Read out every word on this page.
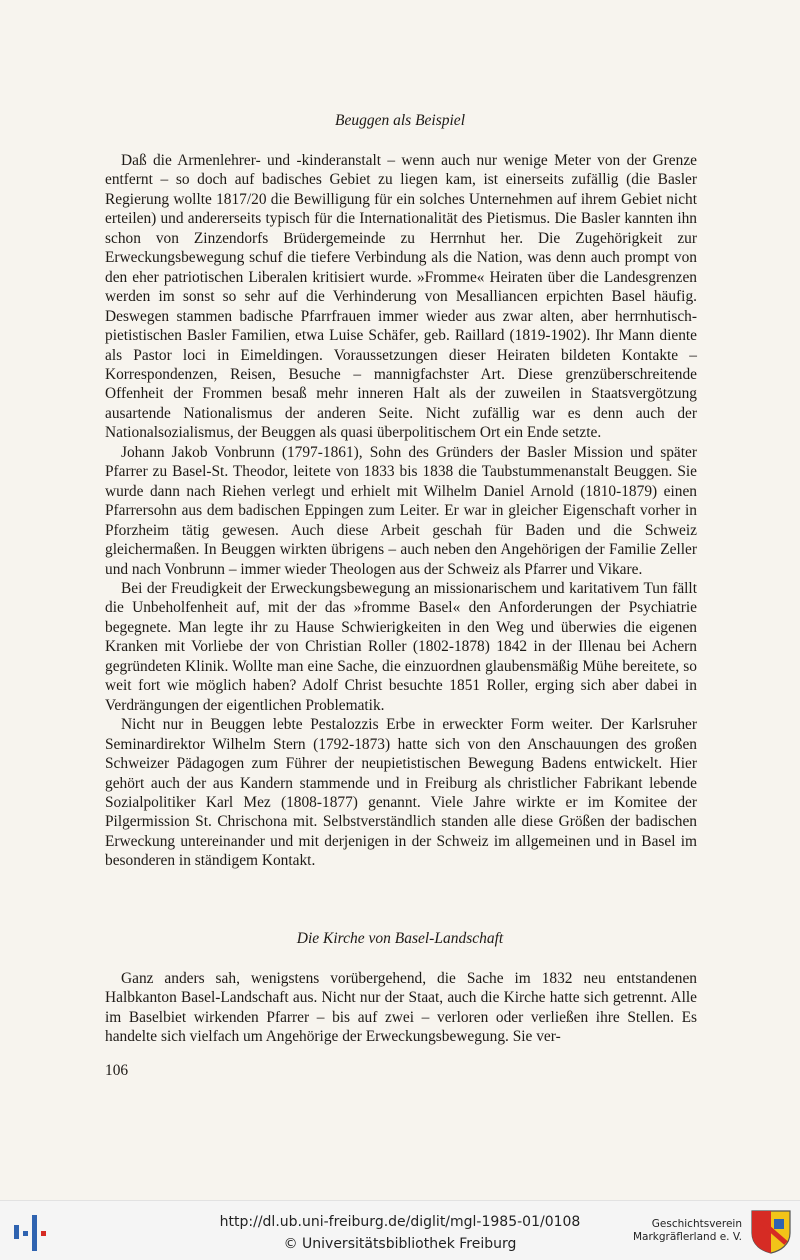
Beuggen als Beispiel

Daß die Armenlehrer- und -kinderanstalt – wenn auch nur wenige Meter von der Grenze entfernt – so doch auf badisches Gebiet zu liegen kam, ist einerseits zufällig (die Basler Regierung wollte 1817/20 die Bewilligung für ein solches Unternehmen auf ihrem Gebiet nicht erteilen) und andererseits typisch für die Internationalität des Pietismus. Die Basler kannten ihn schon von Zinzendorfs Brüdergemeinde zu Herrnhut her. Die Zugehörigkeit zur Erweckungsbewegung schuf die tiefere Verbindung als die Nation, was denn auch prompt von den eher patriotischen Liberalen kritisiert wurde. »Fromme« Heiraten über die Landesgrenzen werden im sonst so sehr auf die Verhinderung von Mesalliancen erpichten Basel häufig. Deswegen stammen badische Pfarrfrauen immer wieder aus zwar alten, aber herrnhutisch-pietistischen Basler Familien, etwa Luise Schäfer, geb. Raillard (1819-1902). Ihr Mann diente als Pastor loci in Eimeldingen. Voraussetzungen dieser Heiraten bildeten Kontakte – Korrespondenzen, Reisen, Besuche – mannigfachster Art. Diese grenzüberschreitende Offenheit der Frommen besaß mehr inneren Halt als der zuweilen in Staatsvergötzung ausartende Nationalismus der anderen Seite. Nicht zufällig war es denn auch der Nationalsozialismus, der Beuggen als quasi überpolitischem Ort ein Ende setzte.

Johann Jakob Vonbrunn (1797-1861), Sohn des Gründers der Basler Mission und später Pfarrer zu Basel-St. Theodor, leitete von 1833 bis 1838 die Taubstummenanstalt Beuggen. Sie wurde dann nach Riehen verlegt und erhielt mit Wilhelm Daniel Arnold (1810-1879) einen Pfarrersohn aus dem badischen Eppingen zum Leiter. Er war in gleicher Eigenschaft vorher in Pforzheim tätig gewesen. Auch diese Arbeit geschah für Baden und die Schweiz gleichermaßen. In Beuggen wirkten übrigens – auch neben den Angehörigen der Familie Zeller und nach Vonbrunn – immer wieder Theologen aus der Schweiz als Pfarrer und Vikare.

Bei der Freudigkeit der Erweckungsbewegung an missionarischem und karitativem Tun fällt die Unbeholfenheit auf, mit der das »fromme Basel« den Anforderungen der Psychiatrie begegnete. Man legte ihr zu Hause Schwierigkeiten in den Weg und überwies die eigenen Kranken mit Vorliebe der von Christian Roller (1802-1878) 1842 in der Illenau bei Achern gegründeten Klinik. Wollte man eine Sache, die einzuordnen glaubensmäßig Mühe bereitete, so weit fort wie möglich haben? Adolf Christ besuchte 1851 Roller, erging sich aber dabei in Verdrängungen der eigentlichen Problematik.

Nicht nur in Beuggen lebte Pestalozzis Erbe in erweckter Form weiter. Der Karlsruher Seminardirektor Wilhelm Stern (1792-1873) hatte sich von den Anschauungen des großen Schweizer Pädagogen zum Führer der neupietistischen Bewegung Badens entwickelt. Hier gehört auch der aus Kandern stammende und in Freiburg als christlicher Fabrikant lebende Sozialpolitiker Karl Mez (1808-1877) genannt. Viele Jahre wirkte er im Komitee der Pilgermission St. Chrischona mit. Selbstverständlich standen alle diese Größen der badischen Erweckung untereinander und mit derjenigen in der Schweiz im allgemeinen und in Basel im besonderen in ständigem Kontakt.

Die Kirche von Basel-Landschaft

Ganz anders sah, wenigstens vorübergehend, die Sache im 1832 neu entstandenen Halbkanton Basel-Landschaft aus. Nicht nur der Staat, auch die Kirche hatte sich getrennt. Alle im Baselbiet wirkenden Pfarrer – bis auf zwei – verloren oder verließen ihre Stellen. Es handelte sich vielfach um Angehörige der Erweckungsbewegung. Sie ver-

106
http://dl.ub.uni-freiburg.de/diglit/mgl-1985-01/0108
© Universitätsbibliothek Freiburg
Geschichtsverein
Markgräflerland e. V.
